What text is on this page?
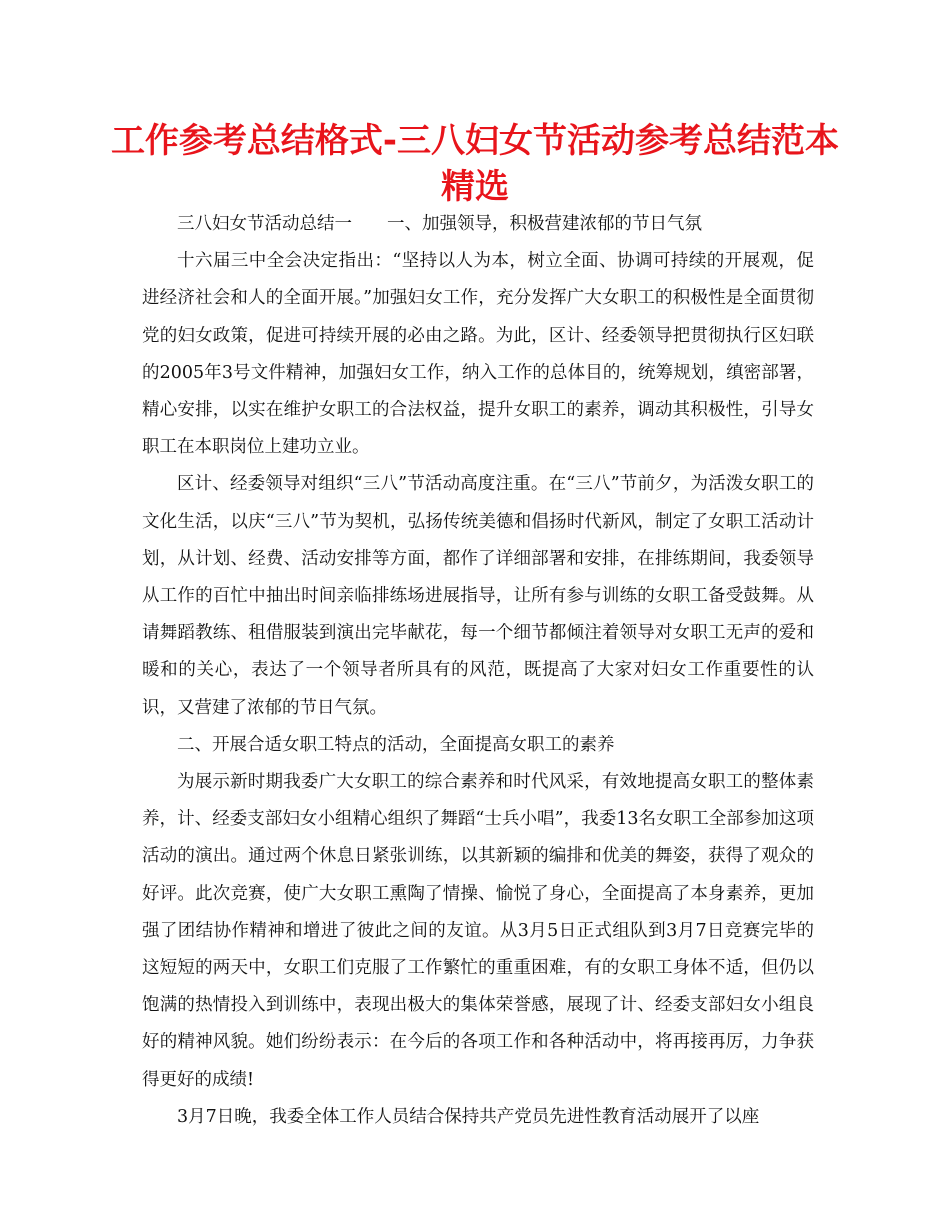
工作参考总结格式-三八妇女节活动参考总结范本精选

三八妇女节活动总结一　　一、加强领导，积极营建浓郁的节日气氛

十六届三中全会决定指出：“坚持以人为本，树立全面、协调可持续的开展观，促进经济社会和人的全面开展。”加强妇女工作，充分发挥广大女职工的积极性是全面贯彻党的妇女政策，促进可持续开展的必由之路。为此，区计、经委领导把贯彻执行区妇联的2005年3号文件精神，加强妇女工作，纳入工作的总体目的，统筹规划，缜密部署，精心安排，以实在维护女职工的合法权益，提升女职工的素养，调动其积极性，引导女职工在本职岗位上建功立业。

区计、经委领导对组织“三八”节活动高度注重。在“三八”节前夕，为活泼女职工的文化生活，以庆“三八”节为契机，弘扬传统美德和倡扬时代新风，制定了女职工活动计划，从计划、经费、活动安排等方面，都作了详细部署和安排，在排练期间，我委领导从工作的百忙中抽出时间亲临排练场进展指导，让所有参与训练的女职工备受鼓舞。从请舞蹈教练、租借服装到演出完毕献花，每一个细节都倾注着领导对女职工无声的爱和暖和的关心，表达了一个领导者所具有的风范，既提高了大家对妇女工作重要性的认识，又营建了浓郁的节日气氛。

二、开展合适女职工特点的活动，全面提高女职工的素养

为展示新时期我委广大女职工的综合素养和时代风采，有效地提高女职工的整体素养，计、经委支部妇女小组精心组织了舞蹈“士兵小唱”，我委13名女职工全部参加这项活动的演出。通过两个休息日紧张训练，以其新颖的编排和优美的舞姿，获得了观众的好评。此次竞赛，使广大女职工熏陶了情操、愉悦了身心，全面提高了本身素养，更加强了团结协作精神和增进了彼此之间的友谊。从3月5日正式组队到3月7日竞赛完毕的这短短的两天中，女职工们克服了工作繁忙的重重困难，有的女职工身体不适，但仍以饱满的热情投入到训练中，表现出极大的集体荣誉感，展现了计、经委支部妇女小组良好的精神风貌。她们纷纷表示：在今后的各项工作和各种活动中，将再接再厉，力争获得更好的成绩!

3月7日晚，我委全体工作人员结合保持共产党员先进性教育活动展开了以座
